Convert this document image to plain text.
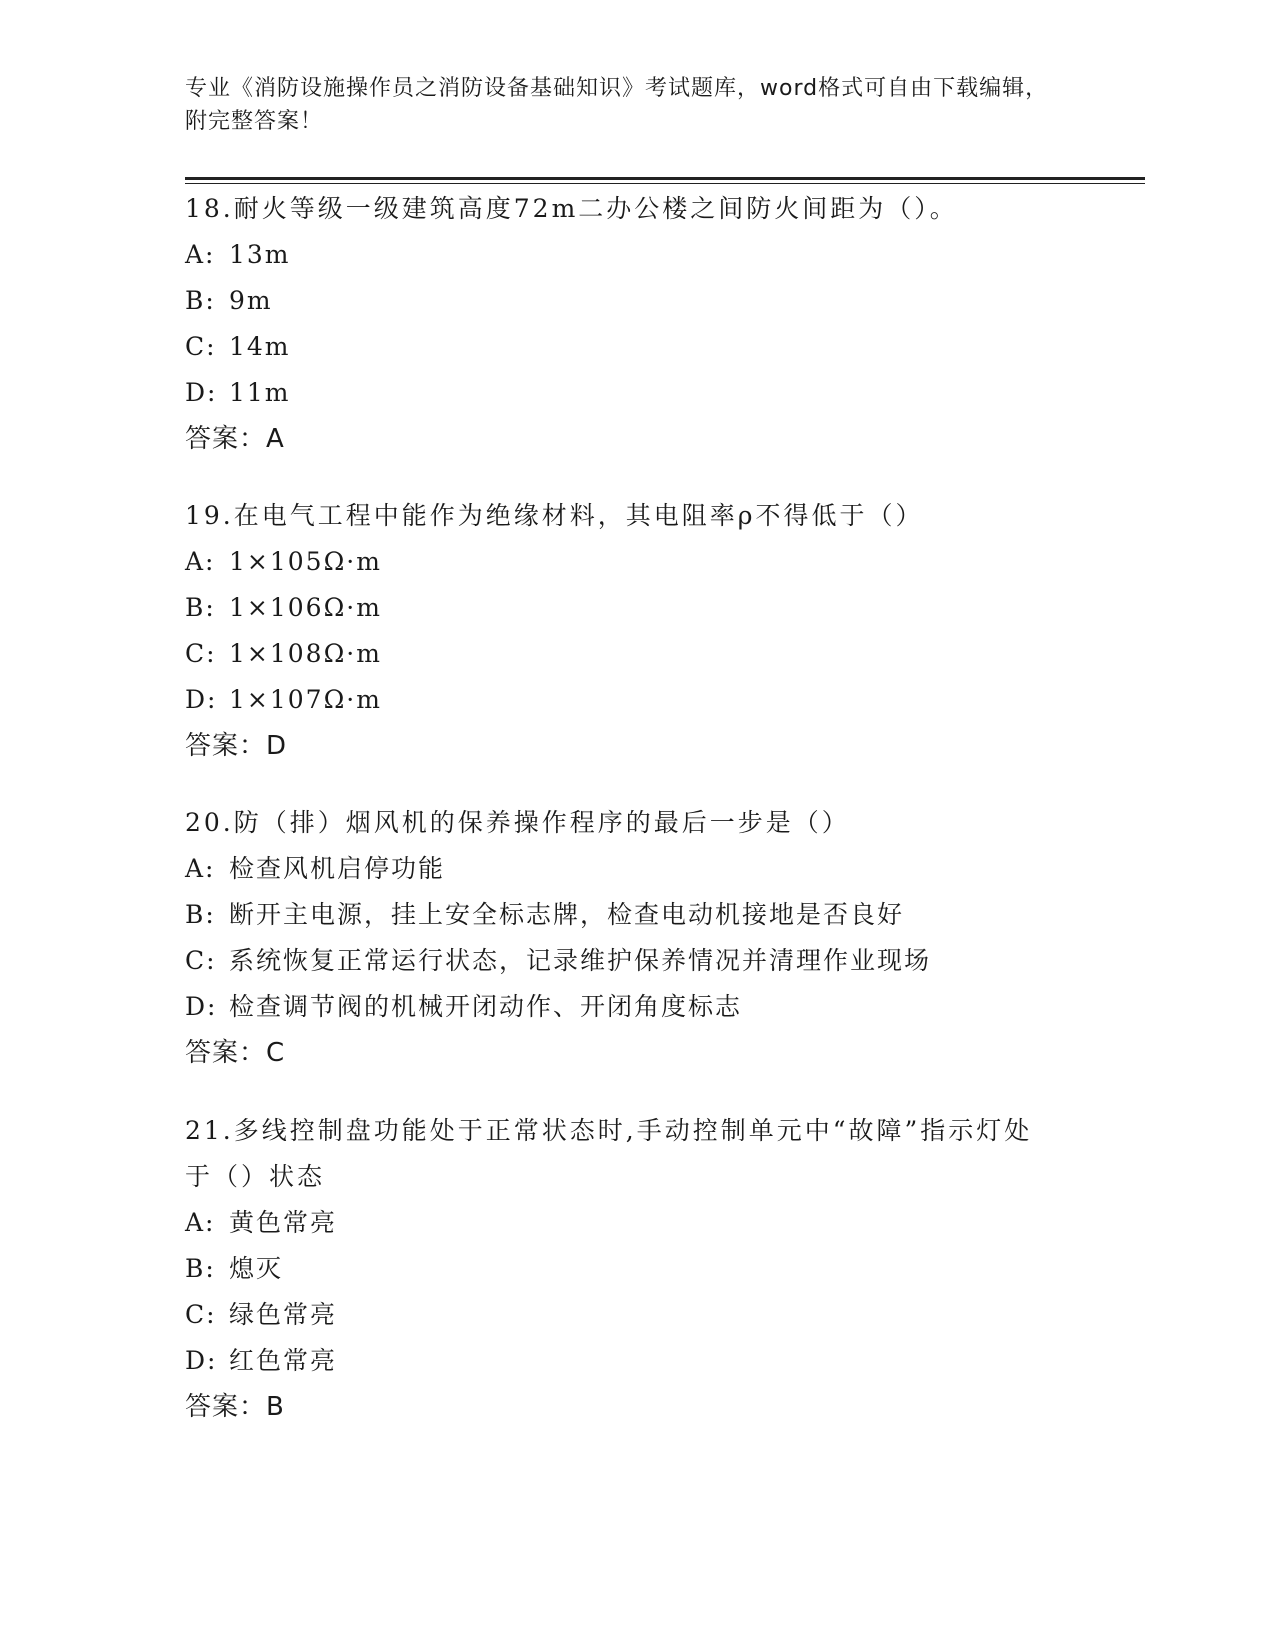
专业《消防设施操作员之消防设备基础知识》考试题库，word格式可自由下载编辑，附完整答案！

18.耐火等级一级建筑高度72m二办公楼之间防火间距为（）。

A: 13m

B: 9m

C: 14m

D: 11m

答案：A

19.在电气工程中能作为绝缘材料，其电阻率ρ不得低于（）

A: 1×105Ω·m

B: 1×106Ω·m

C: 1×108Ω·m

D: 1×107Ω·m

答案：D

20.防（排）烟风机的保养操作程序的最后一步是（）

A: 检查风机启停功能

B: 断开主电源，挂上安全标志牌，检查电动机接地是否良好

C: 系统恢复正常运行状态，记录维护保养情况并清理作业现场

D: 检查调节阀的机械开闭动作、开闭角度标志

答案：C

21.多线控制盘功能处于正常状态时,手动控制单元中“故障”指示灯处于（）状态

A: 黄色常亮

B: 熄灭

C: 绿色常亮

D: 红色常亮

答案：B
